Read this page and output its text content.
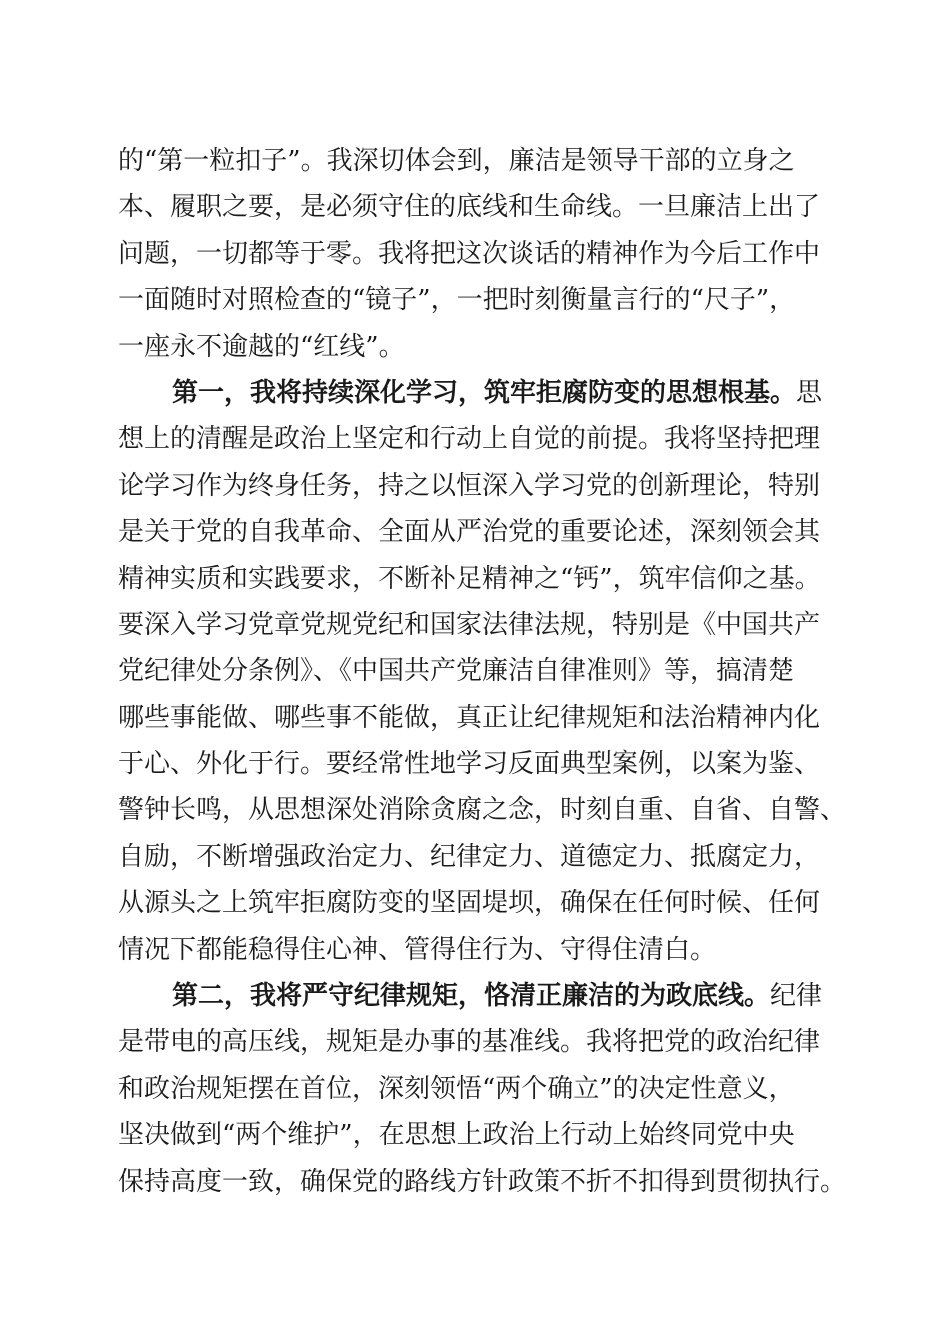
的“第一粒扣子”。我深切体会到，廉洁是领导干部的立身之
本、履职之要，是必须守住的底线和生命线。一旦廉洁上出了
问题，一切都等于零。我将把这次谈话的精神作为今后工作中
一面随时对照检查的“镜子”，一把时刻衡量言行的“尺子”，
一座永不逾越的“红线”。
第一，我将持续深化学习，筑牢拒腐防变的思想根基。思
想上的清醒是政治上坚定和行动上自觉的前提。我将坚持把理
论学习作为终身任务，持之以恒深入学习党的创新理论，特别
是关于党的自我革命、全面从严治党的重要论述，深刻领会其
精神实质和实践要求，不断补足精神之“钙”，筑牢信仰之基。
要深入学习党章党规党纪和国家法律法规，特别是《中国共产
党纪律处分条例》、《中国共产党廉洁自律准则》等，搞清楚
哪些事能做、哪些事不能做，真正让纪律规矩和法治精神内化
于心、外化于行。要经常性地学习反面典型案例，以案为鉴、
警钟长鸣，从思想深处消除贪腐之念，时刻自重、自省、自警、
自励，不断增强政治定力、纪律定力、道德定力、抵腐定力，
从源头之上筑牢拒腐防变的坚固堤坝，确保在任何时候、任何
情况下都能稳得住心神、管得住行为、守得住清白。
第二，我将严守纪律规矩，恪清正廉洁的为政底线。纪律
是带电的高压线，规矩是办事的基准线。我将把党的政治纪律
和政治规矩摆在首位，深刻领悟“两个确立”的决定性意义，
坚决做到“两个维护”，在思想上政治上行动上始终同党中央
保持高度一致，确保党的路线方针政策不折不扣得到贯彻执行。
